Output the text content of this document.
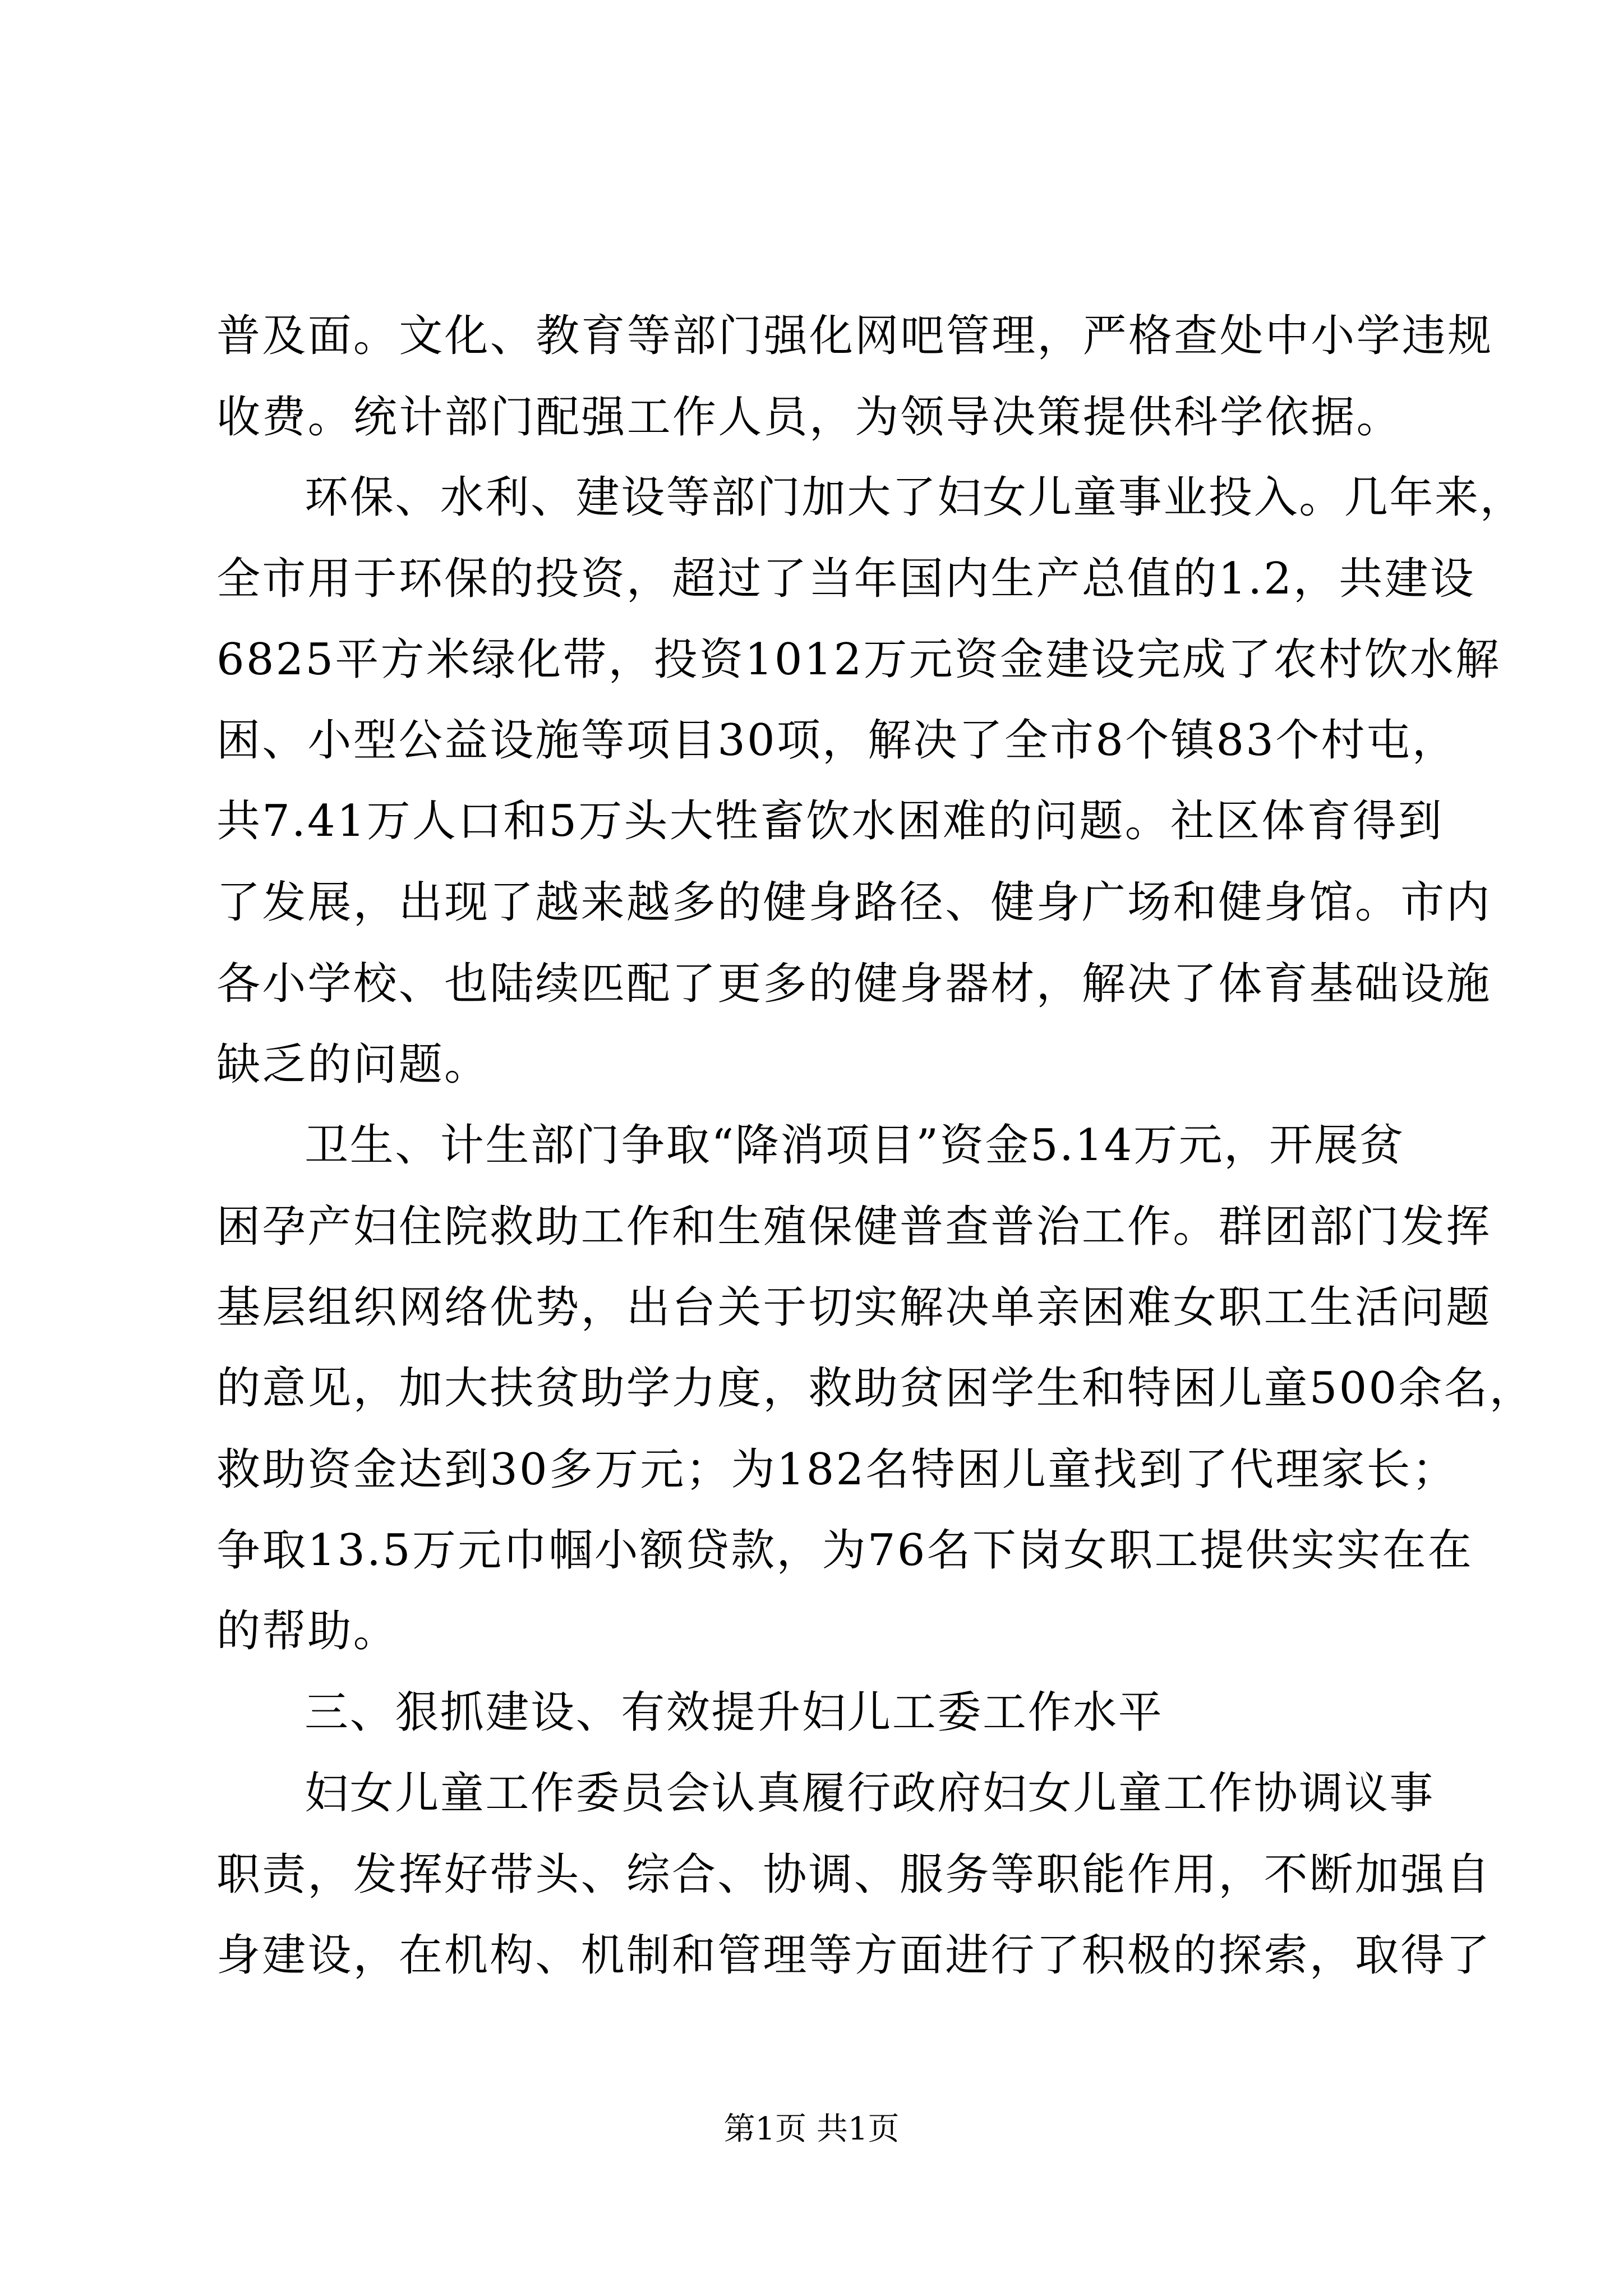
普及面。文化、教育等部门强化网吧管理，严格查处中小学违规

收费。统计部门配强工作人员，为领导决策提供科学依据。

环保、水利、建设等部门加大了妇女儿童事业投入。几年来，

全市用于环保的投资，超过了当年国内生产总值的1.2，共建设

6825平方米绿化带，投资1012万元资金建设完成了农村饮水解

困、小型公益设施等项目30项，解决了全市8个镇83个村屯，

共7.41万人口和5万头大牲畜饮水困难的问题。社区体育得到

了发展，出现了越来越多的健身路径、健身广场和健身馆。市内

各小学校、也陆续匹配了更多的健身器材，解决了体育基础设施

缺乏的问题。

卫生、计生部门争取“降消项目”资金5.14万元，开展贫

困孕产妇住院救助工作和生殖保健普查普治工作。群团部门发挥

基层组织网络优势，出台关于切实解决单亲困难女职工生活问题

的意见，加大扶贫助学力度，救助贫困学生和特困儿童500余名，

救助资金达到30多万元；为182名特困儿童找到了代理家长；

争取13.5万元巾帼小额贷款，为76名下岗女职工提供实实在在

的帮助。

三、狠抓建设、有效提升妇儿工委工作水平

妇女儿童工作委员会认真履行政府妇女儿童工作协调议事

职责，发挥好带头、综合、协调、服务等职能作用，不断加强自

身建设，在机构、机制和管理等方面进行了积极的探索，取得了

第1页 共1页
